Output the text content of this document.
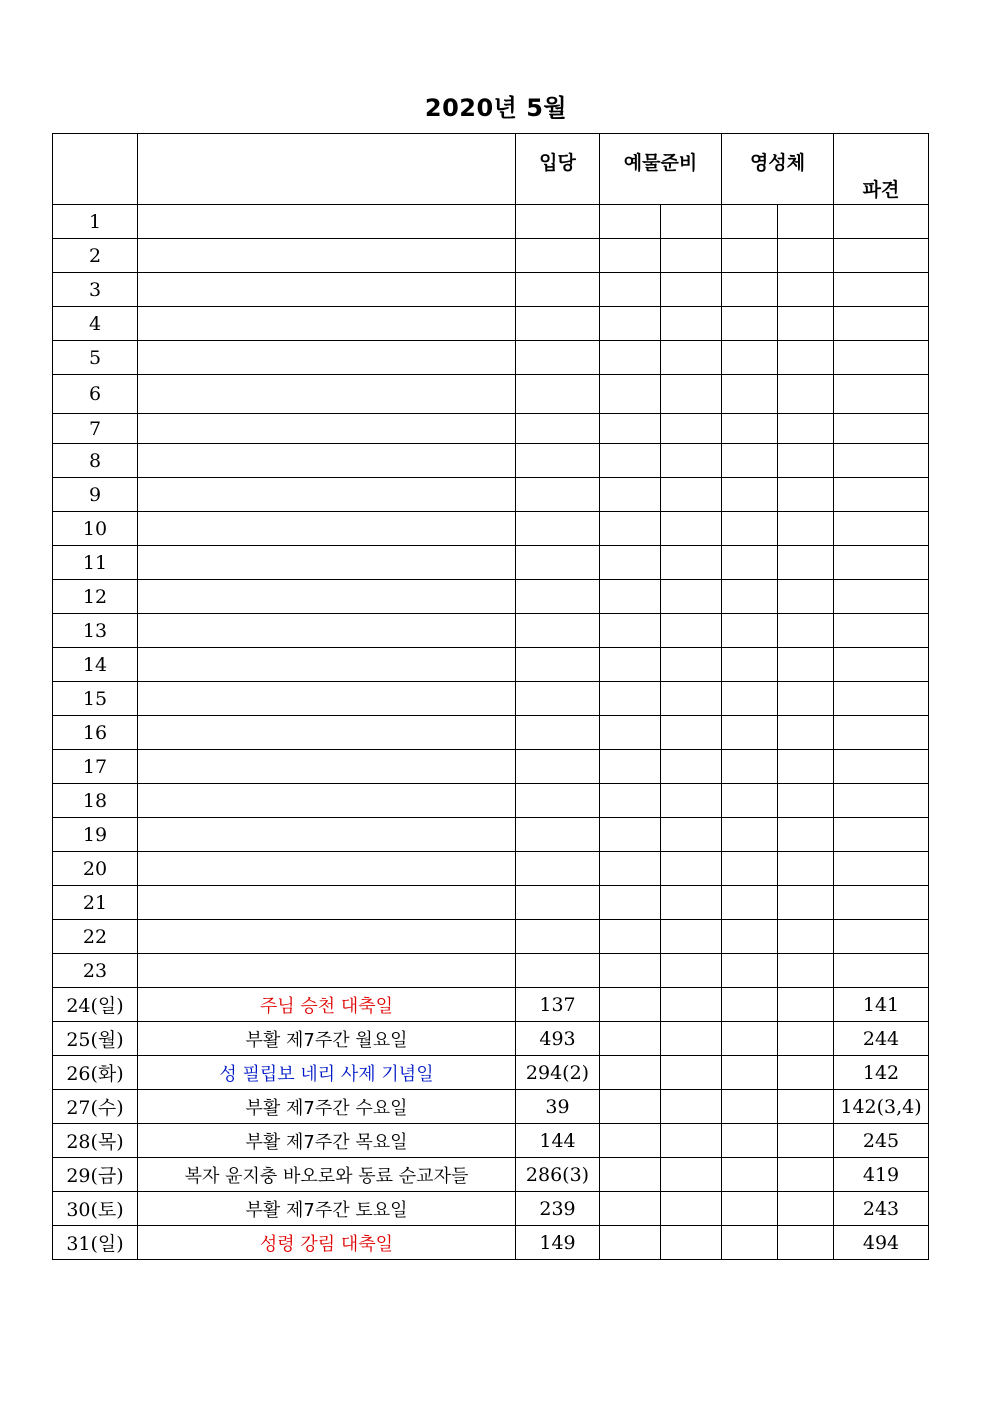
2020년 5월
		입당	예물준비		영성체		파견
1							
2							
3							
4							
5							
6							
7							
8							
9							
10							
11							
12							
13							
14							
15							
16							
17							
18							
19							
20							
21							
22							
23							
24(일)	주님 승천 대축일	137					141
25(월)	부활 제7주간 월요일	493					244
26(화)	성 필립보 네리 사제 기념일	294(2)					142
27(수)	부활 제7주간 수요일	39					142(3,4)
28(목)	부활 제7주간 목요일	144					245
29(금)	복자 윤지충 바오로와 동료 순교자들	286(3)					419
30(토)	부활 제7주간 토요일	239					243
31(일)	성령 강림 대축일	149					494
